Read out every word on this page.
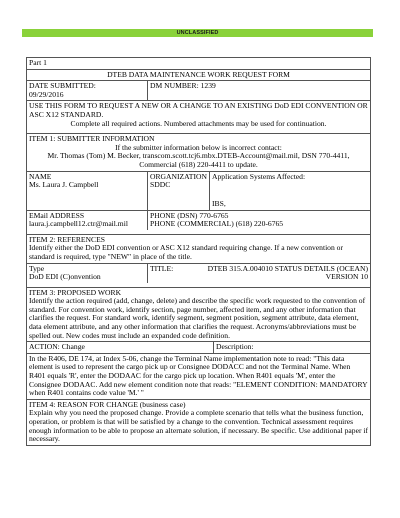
UNCLASSIFIED
Part 1
DTEB DATA MAINTENANCE WORK REQUEST FORM
DATE SUBMITTED:
09/29/2016
DM NUMBER: 1239
USE THIS FORM TO REQUEST A NEW OR A CHANGE TO AN EXISTING DoD EDI CONVENTION OR ASC X12 STANDARD.
Complete all required actions. Numbered attachments may be used for continuation.
ITEM 1: SUBMITTER INFORMATION
If the submitter information below is incorrect contact:
Mr. Thomas (Tom) M. Becker, transcom.scott.tcj6.mbx.DTEB-Account@mail.mil, DSN 770-4411, Commercial (618) 220-4411 to update.
NAME
Ms. Laura J. Campbell
ORGANIZATION
SDDC
Application Systems Affected:
IBS,
EMail ADDRESS
laura.j.campbell12.ctr@mail.mil
PHONE (DSN) 770-6765
PHONE (COMMERCIAL) (618) 220-6765
ITEM 2: REFERENCES
Identify either the DoD EDI convention or ASC X12 standard requiring change. If a new convention or standard is required, type "NEW" in place of the title.
Type
DoD EDI (C)onvention
TITLE:	DTEB 315.A.004010 STATUS DETAILS (OCEAN) VERSION 10
ITEM 3: PROPOSED WORK
Identify the action required (add, change, delete) and describe the specific work requested to the convention of standard. For convention work, identify section, page number, affected item, and any other information that clarifies the request. For standard work, identify segment, segment position, segment attribute, data element, data element attribute, and any other information that clarifies the request. Acronyms/abbreviations must be spelled out. New codes must include an expanded code definition.
ACTION: Change	Description:
In the R406, DE 174, at Index 5-06, change the Terminal Name implementation note to read: "This data element is used to represent the cargo pick up or Consignee DODACC and not the Terminal Name. When R401 equals 'R', enter the DODAAC for the cargo pick up location. When R401 equals 'M', enter the Consignee DODAAC. Add new element condition note that reads: "ELEMENT CONDITION: MANDATORY when R401 contains code value 'M.' "
ITEM 4: REASON FOR CHANGE (business case)
Explain why you need the proposed change. Provide a complete scenario that tells what the business function, operation, or problem is that will be satisfied by a change to the convention. Technical assessment requires enough information to be able to propose an alternate solution, if necessary. Be specific. Use additional paper if necessary.
